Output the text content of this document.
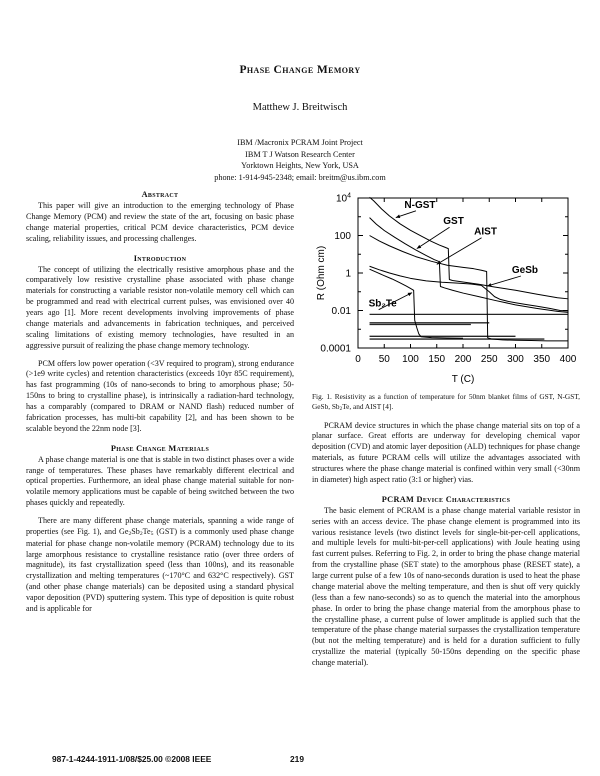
Phase Change Memory
Matthew J. Breitwisch
IBM /Macronix PCRAM Joint Project
IBM T J Watson Research Center
Yorktown Heights, New York, USA
phone: 1-914-945-2348; email: breitm@us.ibm.com
Abstract

This paper will give an introduction to the emerging technology of Phase Change Memory (PCM) and review the state of the art, focusing on basic phase change material properties, critical PCM device characteristics, PCM device scaling, reliability issues, and processing challenges.

Introduction

The concept of utilizing the electrically resistive amorphous phase and the comparatively low resistive crystalline phase associated with phase change materials for constructing a variable resistor non-volatile memory cell which can be programmed and read with electrical current pulses, was envisioned over 40 years ago [1]. More recent developments involving improvements of phase change materials and advancements in fabrication techniques, and perceived scaling limitations of existing memory technologies, have resulted in an aggressive pursuit of realizing the phase change memory technology.

PCM offers low power operation (<3V required to program), strong endurance (>1e9 write cycles) and retention characteristics (exceeds 10yr 85C requirement), has fast programming (10s of nano-seconds to bring to amorphous phase; 50-150ns to bring to crystalline phase), is intrinsically a radiation-hard technology, has a comparably (compared to DRAM or NAND flash) reduced number of fabrication processes, has multi-bit capability [2], and has been shown to be scalable beyond the 22nm node [3].

Phase Change Materials

A phase change material is one that is stable in two distinct phases over a wide range of temperatures. These phases have remarkably different electrical and optical properties. Furthermore, an ideal phase change material suitable for non-volatile memory applications must be capable of being switched between the two phases quickly and repeatedly.

There are many different phase change materials, spanning a wide range of properties (see Fig. 1), and $Ge_2Sb_2Te_5$ (GST) is a commonly used phase change material for phase change non-volatile memory (PCRAM) technology due to its large amorphous resistance to crystalline resistance ratio (over three orders of magnitude), its fast crystallization speed (less than 100ns), and its reasonable crystallization and melting temperatures (~170°C and 632°C respectively). GST (and other phase change materials) can be deposited using a standard physical vapor deposition (PVD) sputtering system. This type of deposition is quite robust and is applicable for

0.0001
0.01
1
100
$10^4$
0 50 100 150 200 250 300 350 400
N-GST
GST
AIST
GeSb
Sb₂Te
R (Ohm cm)
T (C)
Fig. 1. Resistivity as a function of temperature for 50nm blanket films of GST, N-GST, GeSb, $Sb_2Te$, and AIST [4].

PCRAM device structures in which the phase change material sits on top of a planar surface. Great efforts are underway for developing chemical vapor deposition (CVD) and atomic layer deposition (ALD) techniques for phase change materials, as future PCRAM cells will utilize the advantages associated with structures where the phase change material is confined within very small (<30nm in diameter) high aspect ratio (3:1 or higher) vias.

PCRAM Device Characteristics

The basic element of PCRAM is a phase change material variable resistor in series with an access device. The phase change element is programmed into its various resistance levels (two distinct levels for single-bit-per-cell applications, and multiple levels for multi-bit-per-cell applications) with Joule heating using fast current pulses. Referring to Fig. 2, in order to bring the phase change material from the crystalline phase (SET state) to the amorphous phase (RESET state), a large current pulse of a few 10s of nano-seconds duration is used to heat the phase change material above the melting temperature, and then is shut off very quickly (less than a few nano-seconds) so as to quench the material into the amorphous phase. In order to bring the phase change material from the amorphous phase to the crystalline phase, a current pulse of lower amplitude is applied such that the temperature of the phase change material surpasses the crystallization temperature (but not the melting temperature) and is held for a duration sufficient to fully crystallize the material (typically 50-150ns depending on the specific phase change material).

987-1-4244-1911-1/08/$25.00 ©2008 IEEE	219
